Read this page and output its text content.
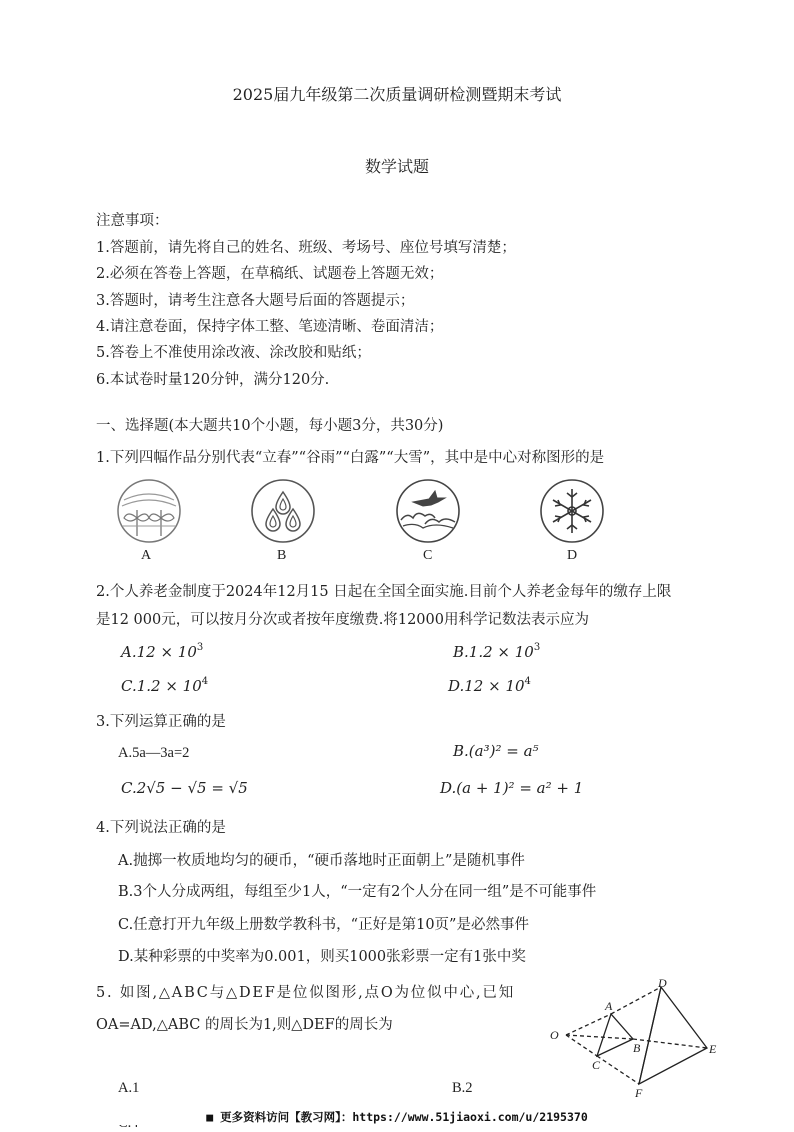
2025届九年级第二次质量调研检测暨期末考试
数学试题
注意事项：
1.答题前，请先将自己的姓名、班级、考场号、座位号填写清楚；
2.必须在答卷上答题，在草稿纸、试题卷上答题无效；
3.答题时，请考生注意各大题号后面的答题提示；
4.请注意卷面，保持字体工整、笔迹清晰、卷面清洁；
5.答卷上不准使用涂改液、涂改胶和贴纸；
6.本试卷时量120分钟，满分120分.
一、选择题(本大题共10个小题，每小题3分，共30分)
1.下列四幅作品分别代表“立春”“谷雨”“白露”“大雪”，其中是中心对称图形的是
A	B	C	D
2.个人养老金制度于2024年12月15 日起在全国全面实施.目前个人养老金每年的缴存上限
是12 000元，可以按月分次或者按年度缴费.将12000用科学记数法表示应为
$A.12 \times 10^3$	$B.1.2 \times 10^3$
$C.1.2 \times 10^4$	$D.12 \times 10^4$
3.下列运算正确的是
A.5a—3a=2	B.(a³)² = a⁵
C.2√5 − √5 = √5	D.(a + 1)² = a² + 1
4.下列说法正确的是
A.抛掷一枚质地均匀的硬币，“硬币落地时正面朝上”是随机事件
B.3个人分成两组，每组至少1人，“一定有2个人分在同一组”是不可能事件
C.任意打开九年级上册数学教科书，“正好是第10页”是必然事件
D.某种彩票的中奖率为0.001，则买1000张彩票一定有1张中奖
5. 如图,△ABC与△DEF是位似图形,点O为位似中心,已知
OA=AD,△ABC 的周长为1,则△DEF的周长为
A
B
C
D
E
F
O
A.1	B.2
■ 更多资料访问【教习网】：https://www.51jiaoxi.com/u/2195370
